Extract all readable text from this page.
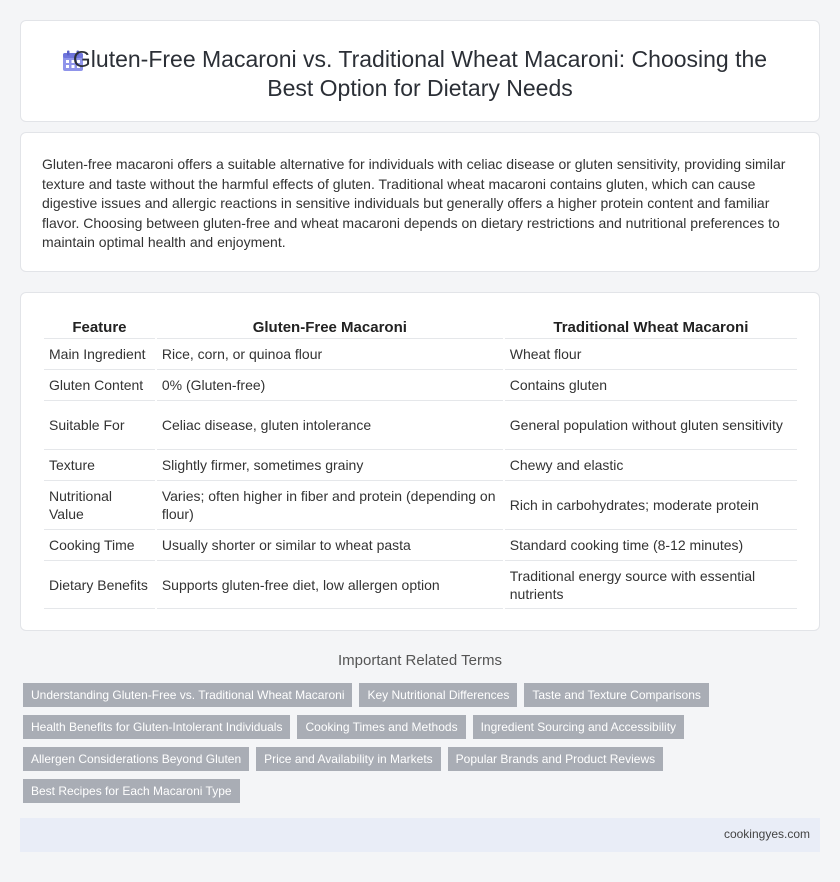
Gluten-Free Macaroni vs. Traditional Wheat Macaroni: Choosing the Best Option for Dietary Needs

Gluten-free macaroni offers a suitable alternative for individuals with celiac disease or gluten sensitivity, providing similar texture and taste without the harmful effects of gluten. Traditional wheat macaroni contains gluten, which can cause digestive issues and allergic reactions in sensitive individuals but generally offers a higher protein content and familiar flavor. Choosing between gluten-free and wheat macaroni depends on dietary restrictions and nutritional preferences to maintain optimal health and enjoyment.

Feature	Gluten-Free Macaroni	Traditional Wheat Macaroni
Main Ingredient	Rice, corn, or quinoa flour	Wheat flour
Gluten Content	0% (Gluten-free)	Contains gluten
Suitable For	Celiac disease, gluten intolerance	General population without gluten sensitivity
Texture	Slightly firmer, sometimes grainy	Chewy and elastic
Nutritional Value	Varies; often higher in fiber and protein (depending on flour)	Rich in carbohydrates; moderate protein
Cooking Time	Usually shorter or similar to wheat pasta	Standard cooking time (8-12 minutes)
Dietary Benefits	Supports gluten-free diet, low allergen option	Traditional energy source with essential nutrients
Important Related Terms
Understanding Gluten-Free vs. Traditional Wheat Macaroni	Key Nutritional Differences	Taste and Texture Comparisons
Health Benefits for Gluten-Intolerant Individuals	Cooking Times and Methods	Ingredient Sourcing and Accessibility
Allergen Considerations Beyond Gluten	Price and Availability in Markets	Popular Brands and Product Reviews
Best Recipes for Each Macaroni Type
cookingyes.com
